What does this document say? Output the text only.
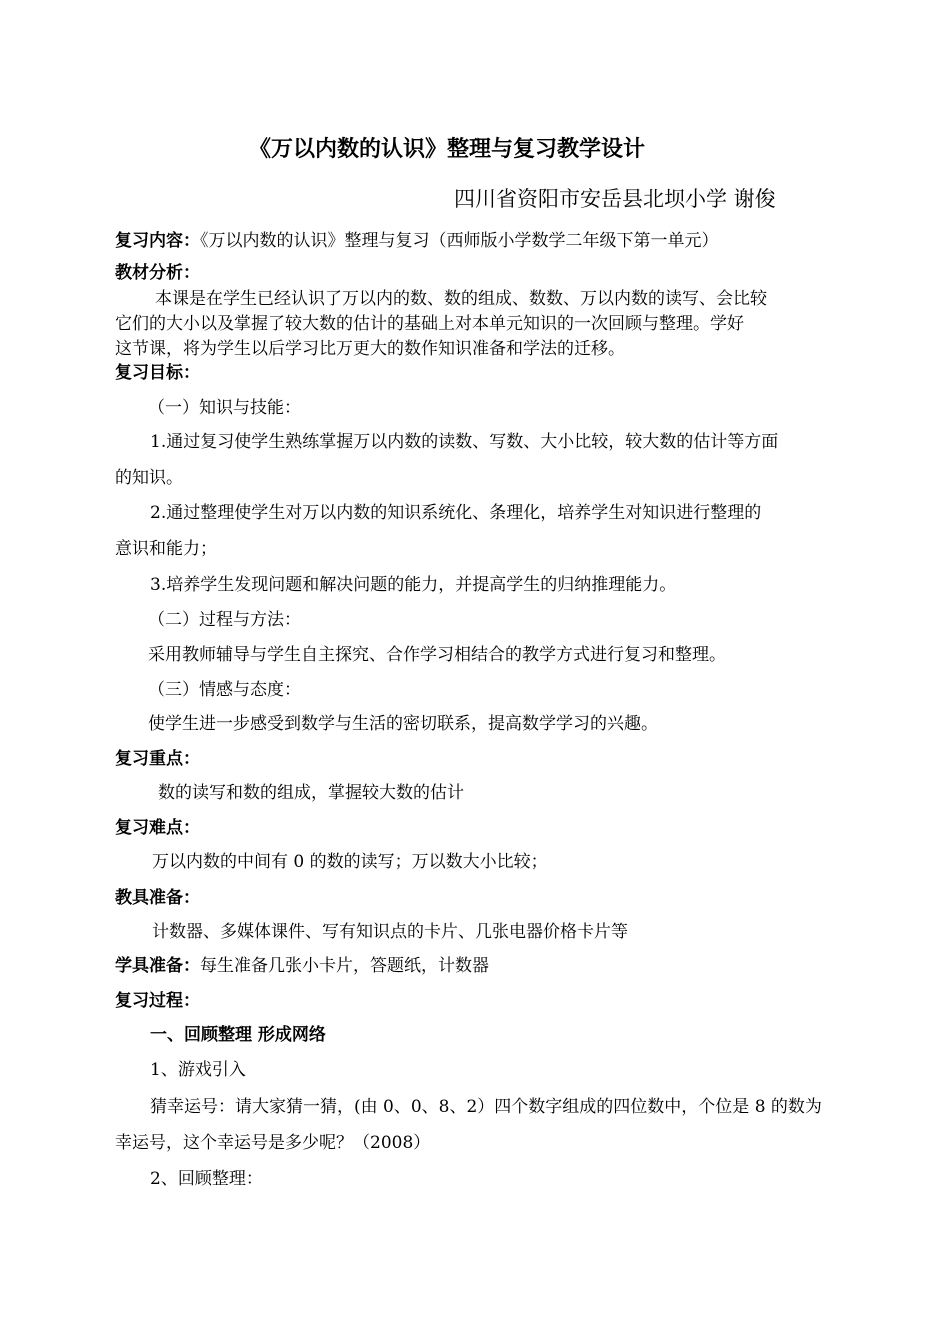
《万以内数的认识》整理与复习教学设计
四川省资阳市安岳县北坝小学 谢俊
复习内容：《万以内数的认识》整理与复习（西师版小学数学二年级下第一单元）
教材分析：
本课是在学生已经认识了万以内的数、数的组成、数数、万以内数的读写、会比较
它们的大小以及掌握了较大数的估计的基础上对本单元知识的一次回顾与整理。学好
这节课，将为学生以后学习比万更大的数作知识准备和学法的迁移。
复习目标：
（一）知识与技能：
1.通过复习使学生熟练掌握万以内数的读数、写数、大小比较，较大数的估计等方面
的知识。
2.通过整理使学生对万以内数的知识系统化、条理化，培养学生对知识进行整理的
意识和能力；
3.培养学生发现问题和解决问题的能力，并提高学生的归纳推理能力。
（二）过程与方法：
采用教师辅导与学生自主探究、合作学习相结合的教学方式进行复习和整理。
（三）情感与态度：
使学生进一步感受到数学与生活的密切联系，提高数学学习的兴趣。
复习重点：
数的读写和数的组成，掌握较大数的估计
复习难点：
万以内数的中间有 0 的数的读写；万以数大小比较；
教具准备：
计数器、多媒体课件、写有知识点的卡片、几张电器价格卡片等
学具准备：每生准备几张小卡片，答题纸，计数器
复习过程：
一、回顾整理 形成网络
1、游戏引入
猜幸运号：请大家猜一猜，(由 0、0、8、2）四个数字组成的四位数中，个位是 8 的数为
幸运号，这个幸运号是多少呢？（2008）
2、回顾整理：
